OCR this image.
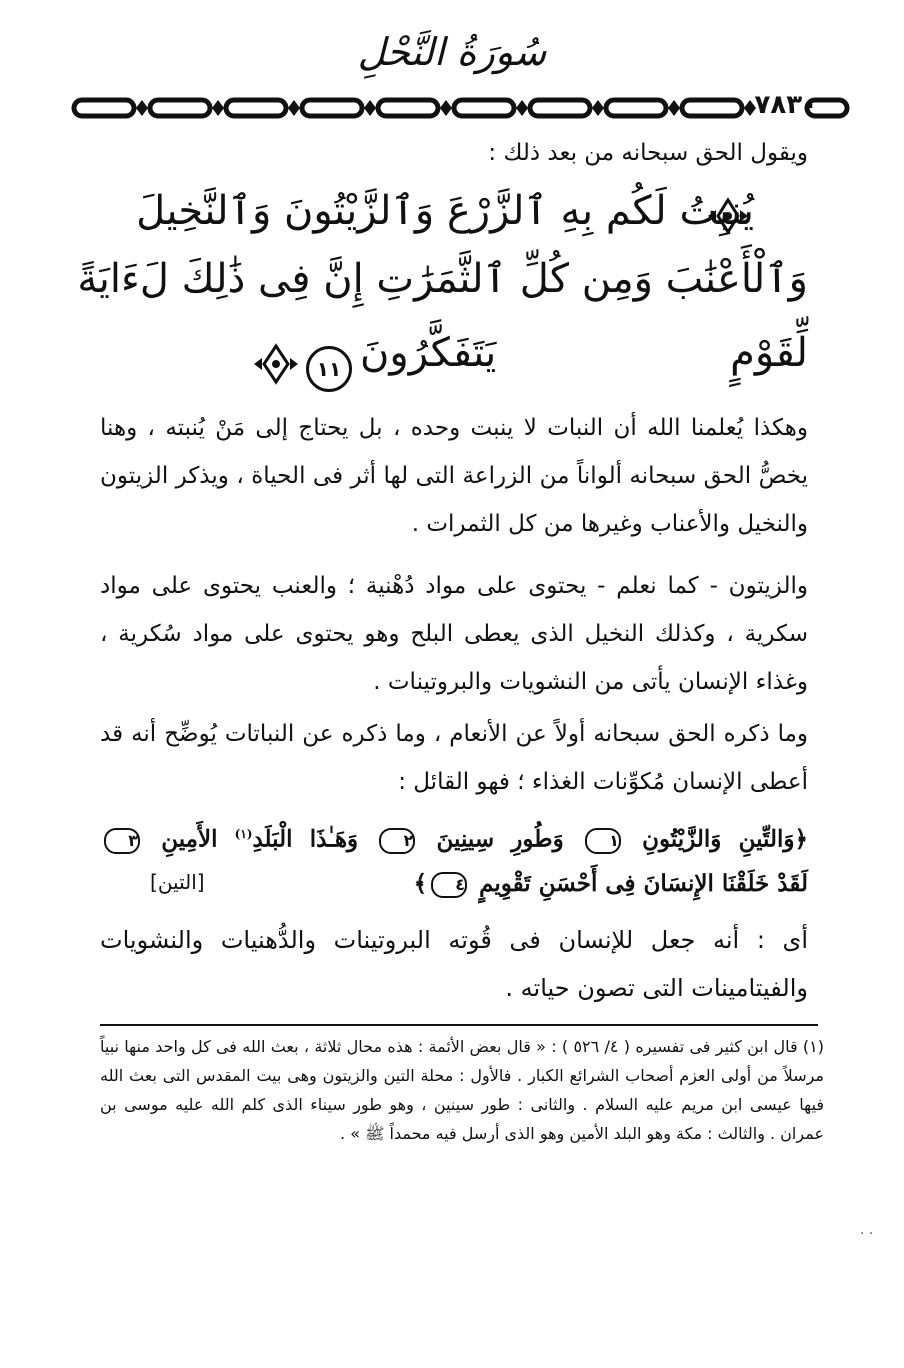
سُورَةُ النَّحْلِ
٧٨٣٠
ويقول الحق سبحانه من بعد ذلك :
يُنبِتُ لَكُم بِهِ ٱلزَّرْعَ وَٱلزَّيْتُونَ وَٱلنَّخِيلَ
وَٱلْأَعْنَٰبَ وَمِن كُلِّ ٱلثَّمَرَٰتِ إِنَّ فِى ذَٰلِكَ لَءَايَةً
لِّقَوْمٍ يَتَفَكَّرُونَ
١١
وهكذا يُعلمنا الله أن النبات لا ينبت وحده ، بل يحتاج إلى مَنْ يُنبته ، وهنا يخصُّ الحق سبحانه ألواناً من الزراعة التى لها أثر فى الحياة ، ويذكر الزيتون والنخيل والأعناب وغيرها من كل الثمرات .
والزيتون - كما نعلم - يحتوى على مواد دُهْنية ؛ والعنب يحتوى على مواد سكرية ، وكذلك النخيل الذى يعطى البلح وهو يحتوى على مواد سُكرية ، وغذاء الإنسان يأتى من النشويات والبروتينات .
وما ذكره الحق سبحانه أولاً عن الأنعام ، وما ذكره عن النباتات يُوضِّح أنه قد أعطى الإنسان مُكوِّنات الغذاء ؛ فهو القائل :
﴿وَالتِّينِ وَالزَّيْتُونِ ١ وَطُورِ سِينِينَ ٢ وَهَـٰذَا الْبَلَدِ$^{(١)}$ الأَمِينِ ٣
لَقَدْ خَلَقْنَا الإِنسَانَ فِى أَحْسَنِ تَقْوِيمٍ ٤﴾
[التين]
أى : أنه جعل للإنسان فى قُوته البروتينات والدُّهنيات والنشويات والفيتامينات التى تصون حياته .
(١) قال ابن كثير فى تفسيره ( ٤/ ٥٢٦ ) : « قال بعض الأئمة : هذه محال ثلاثة ، بعث الله فى كل واحد منها نبياً مرسلاً من أولى العزم أصحاب الشرائع الكبار . فالأول : محلة التين والزيتون وهى بيت المقدس التى بعث الله فيها عيسى ابن مريم عليه السلام . والثانى : طور سينين ، وهو طور سيناء الذى كلم الله عليه موسى بن عمران . والثالث : مكة وهو البلد الأمين وهو الذى أرسل فيه محمداً ﷺ » .
. .
